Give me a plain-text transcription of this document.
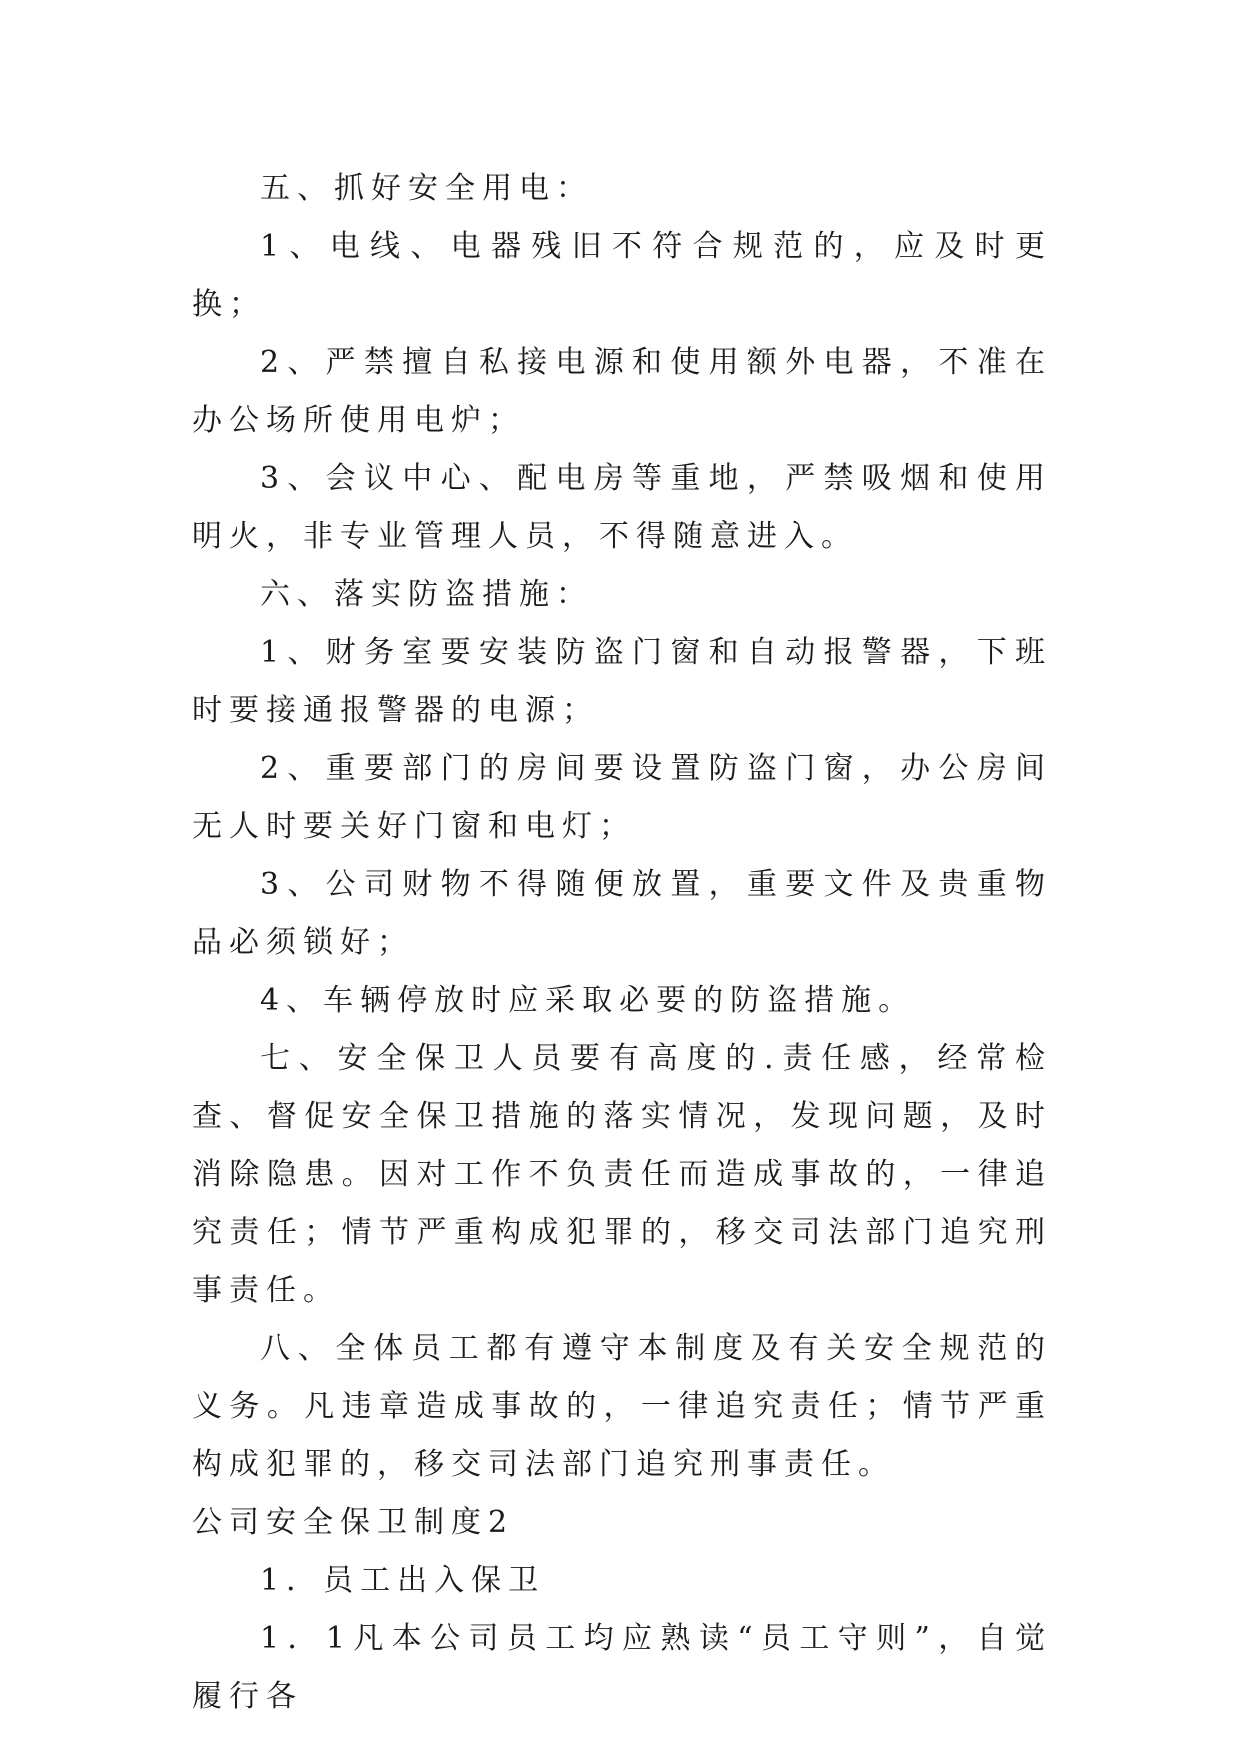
五、抓好安全用电：

1、电线、电器残旧不符合规范的，应及时更换；

2、严禁擅自私接电源和使用额外电器，不准在办公场所使用电炉；

3、会议中心、配电房等重地，严禁吸烟和使用明火，非专业管理人员，不得随意进入。

六、落实防盗措施：

1、财务室要安装防盗门窗和自动报警器，下班时要接通报警器的电源；

2、重要部门的房间要设置防盗门窗，办公房间无人时要关好门窗和电灯；

3、公司财物不得随便放置，重要文件及贵重物品必须锁好；

4、车辆停放时应采取必要的防盗措施。

七、安全保卫人员要有高度的.责任感，经常检查、督促安全保卫措施的落实情况，发现问题，及时消除隐患。因对工作不负责任而造成事故的，一律追究责任；情节严重构成犯罪的，移交司法部门追究刑事责任。

八、全体员工都有遵守本制度及有关安全规范的义务。凡违章造成事故的，一律追究责任；情节严重构成犯罪的，移交司法部门追究刑事责任。

公司安全保卫制度2

1．员工出入保卫

1．1凡本公司员工均应熟读“员工守则”，自觉履行各
